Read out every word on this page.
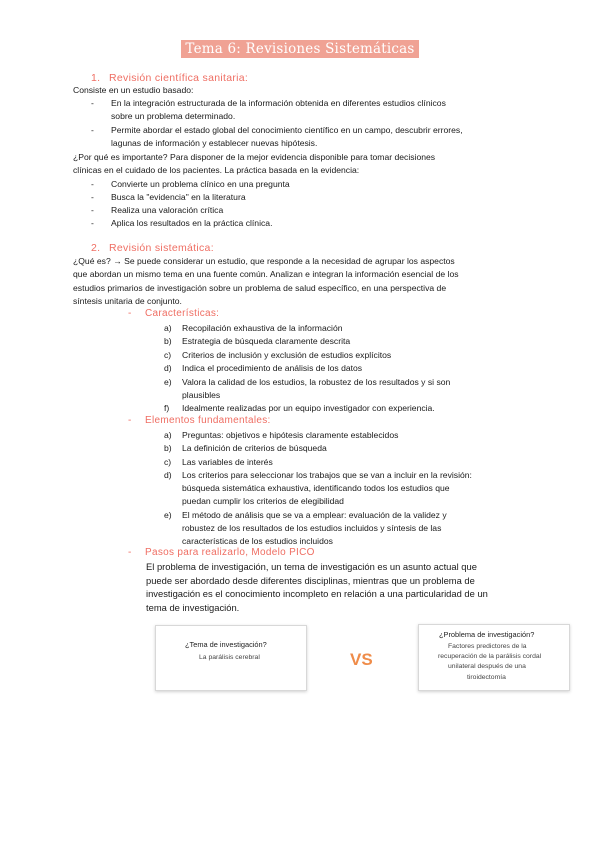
Tema 6: Revisiones Sistemáticas
1. Revisión científica sanitaria:
Consiste en un estudio basado:
- En la integración estructurada de la información obtenida en diferentes estudios clínicos
sobre un problema determinado.
- Permite abordar el estado global del conocimiento científico en un campo, descubrir errores,
lagunas de información y establecer nuevas hipótesis.
¿Por qué es importante? Para disponer de la mejor evidencia disponible para tomar decisiones
clínicas en el cuidado de los pacientes. La práctica basada en la evidencia:
- Convierte un problema clínico en una pregunta
- Busca la "evidencia" en la literatura
- Realiza una valoración crítica
- Aplica los resultados en la práctica clínica.
2. Revisión sistemática:
¿Qué es? → Se puede considerar un estudio, que responde a la necesidad de agrupar los aspectos
que abordan un mismo tema en una fuente común. Analizan e integran la información esencial de los
estudios primarios de investigación sobre un problema de salud específico, en una perspectiva de
síntesis unitaria de conjunto.
- Características:
a) Recopilación exhaustiva de la información
b) Estrategia de búsqueda claramente descrita
c) Criterios de inclusión y exclusión de estudios explícitos
d) Indica el procedimiento de análisis de los datos
e) Valora la calidad de los estudios, la robustez de los resultados y si son
plausibles
f) Idealmente realizadas por un equipo investigador con experiencia.
- Elementos fundamentales:
a) Preguntas: objetivos e hipótesis claramente establecidos
b) La definición de criterios de búsqueda
c) Las variables de interés
d) Los criterios para seleccionar los trabajos que se van a incluir en la revisión:
búsqueda sistemática exhaustiva, identificando todos los estudios que
puedan cumplir los criterios de elegibilidad
e) El método de análisis que se va a emplear: evaluación de la validez y
robustez de los resultados de los estudios incluidos y síntesis de las
características de los estudios incluidos
- Pasos para realizarlo, Modelo PICO
El problema de investigación, un tema de investigación es un asunto actual que
puede ser abordado desde diferentes disciplinas, mientras que un problema de
investigación es el conocimiento incompleto en relación a una particularidad de un
tema de investigación.
¿Tema de investigación?
La parálisis cerebral	VS
¿Problema de investigación?
Factores predictores de la
recuperación de la parálisis cordal
unilateral después de una
tiroidectomía
